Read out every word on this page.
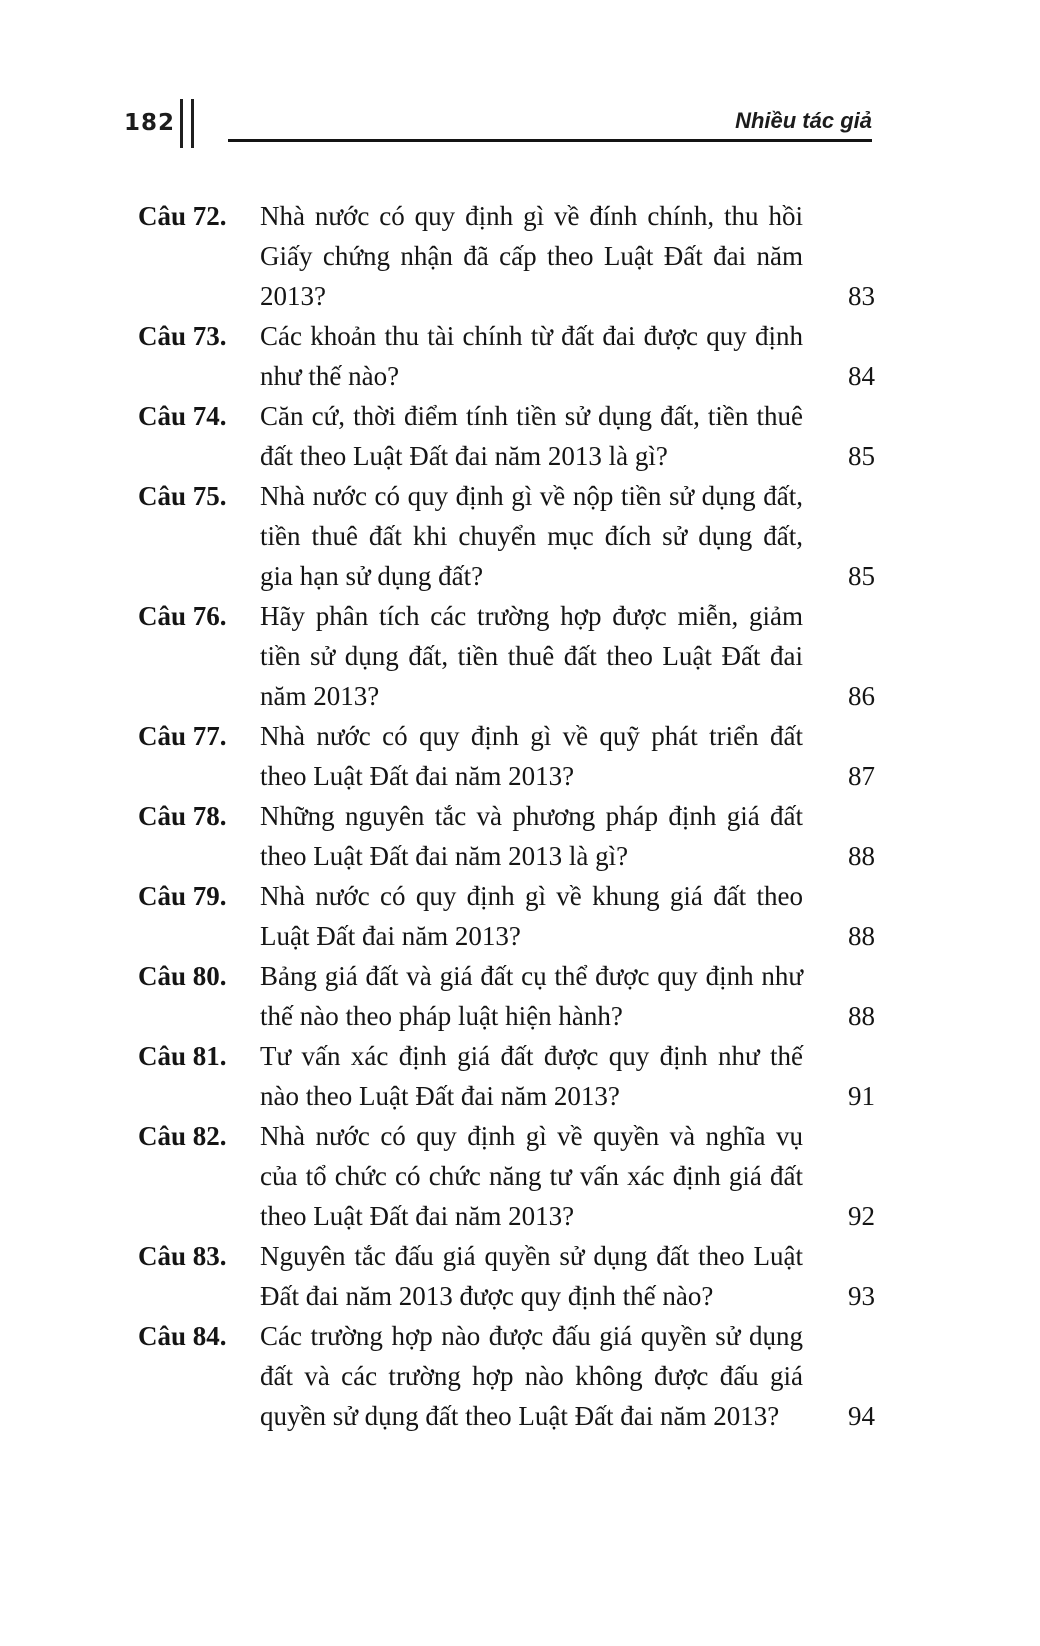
182	Nhiều tác giả
Câu 72.	Nhà nước có quy định gì về đính chính, thu hồi Giấy chứng nhận đã cấp theo Luật Đất đai năm 2013?	83
Câu 73.	Các khoản thu tài chính từ đất đai được quy định như thế nào?	84
Câu 74.	Căn cứ, thời điểm tính tiền sử dụng đất, tiền thuê đất theo Luật Đất đai năm 2013 là gì?	85
Câu 75.	Nhà nước có quy định gì về nộp tiền sử dụng đất, tiền thuê đất khi chuyển mục đích sử dụng đất, gia hạn sử dụng đất?	85
Câu 76.	Hãy phân tích các trường hợp được miễn, giảm tiền sử dụng đất, tiền thuê đất theo Luật Đất đai năm 2013?	86
Câu 77.	Nhà nước có quy định gì về quỹ phát triển đất theo Luật Đất đai năm 2013?	87
Câu 78.	Những nguyên tắc và phương pháp định giá đất theo Luật Đất đai năm 2013 là gì?	88
Câu 79.	Nhà nước có quy định gì về khung giá đất theo Luật Đất đai năm 2013?	88
Câu 80.	Bảng giá đất và giá đất cụ thể được quy định như thế nào theo pháp luật hiện hành?	88
Câu 81.	Tư vấn xác định giá đất được quy định như thế nào theo Luật Đất đai năm 2013?	91
Câu 82.	Nhà nước có quy định gì về quyền và nghĩa vụ của tổ chức có chức năng tư vấn xác định giá đất theo Luật Đất đai năm 2013?	92
Câu 83.	Nguyên tắc đấu giá quyền sử dụng đất theo Luật Đất đai năm 2013 được quy định thế nào?	93
Câu 84.	Các trường hợp nào được đấu giá quyền sử dụng đất và các trường hợp nào không được đấu giá quyền sử dụng đất theo Luật Đất đai năm 2013?	94
